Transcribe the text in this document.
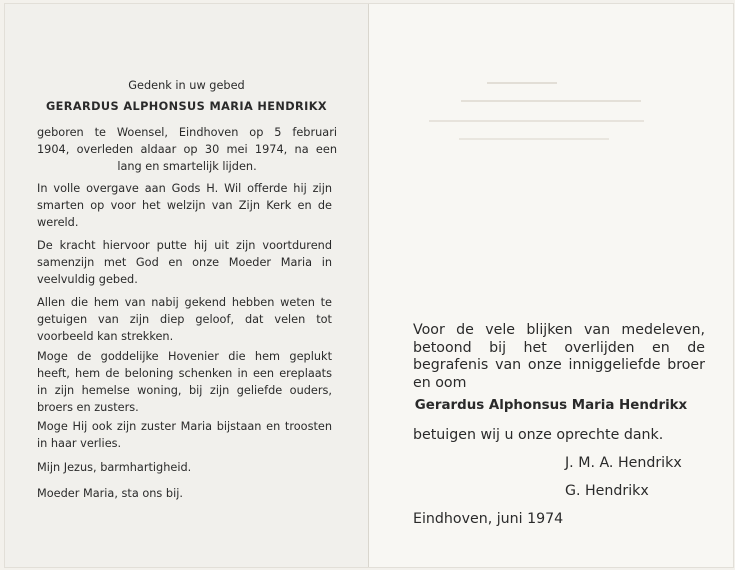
Gedenk in uw gebed
GERARDUS ALPHONSUS MARIA HENDRIKX
geboren te Woensel, Eindhoven op 5 februari
1904, overleden aldaar op 30 mei 1974, na een
lang en smartelijk lijden.
In volle overgave aan Gods H. Wil offerde hij zijn smarten op voor het welzijn van Zijn Kerk en de wereld.
De kracht hiervoor putte hij uit zijn voortdurend samenzijn met God en onze Moeder Maria in veelvuldig gebed.
Allen die hem van nabij gekend hebben weten te getuigen van zijn diep geloof, dat velen tot voorbeeld kan strekken.
Moge de goddelijke Hovenier die hem geplukt heeft, hem de beloning schenken in een ereplaats in zijn hemelse woning, bij zijn geliefde ouders, broers en zusters.
Moge Hij ook zijn zuster Maria bijstaan en troosten in haar verlies.
Mijn Jezus, barmhartigheid.
Moeder Maria, sta ons bij.
Voor de vele blijken van medeleven, betoond bij het overlijden en de begrafenis van onze inniggeliefde broer en oom
Gerardus Alphonsus Maria Hendrikx
betuigen wij u onze oprechte dank.
J. M. A. Hendrikx
G. Hendrikx
Eindhoven, juni 1974
